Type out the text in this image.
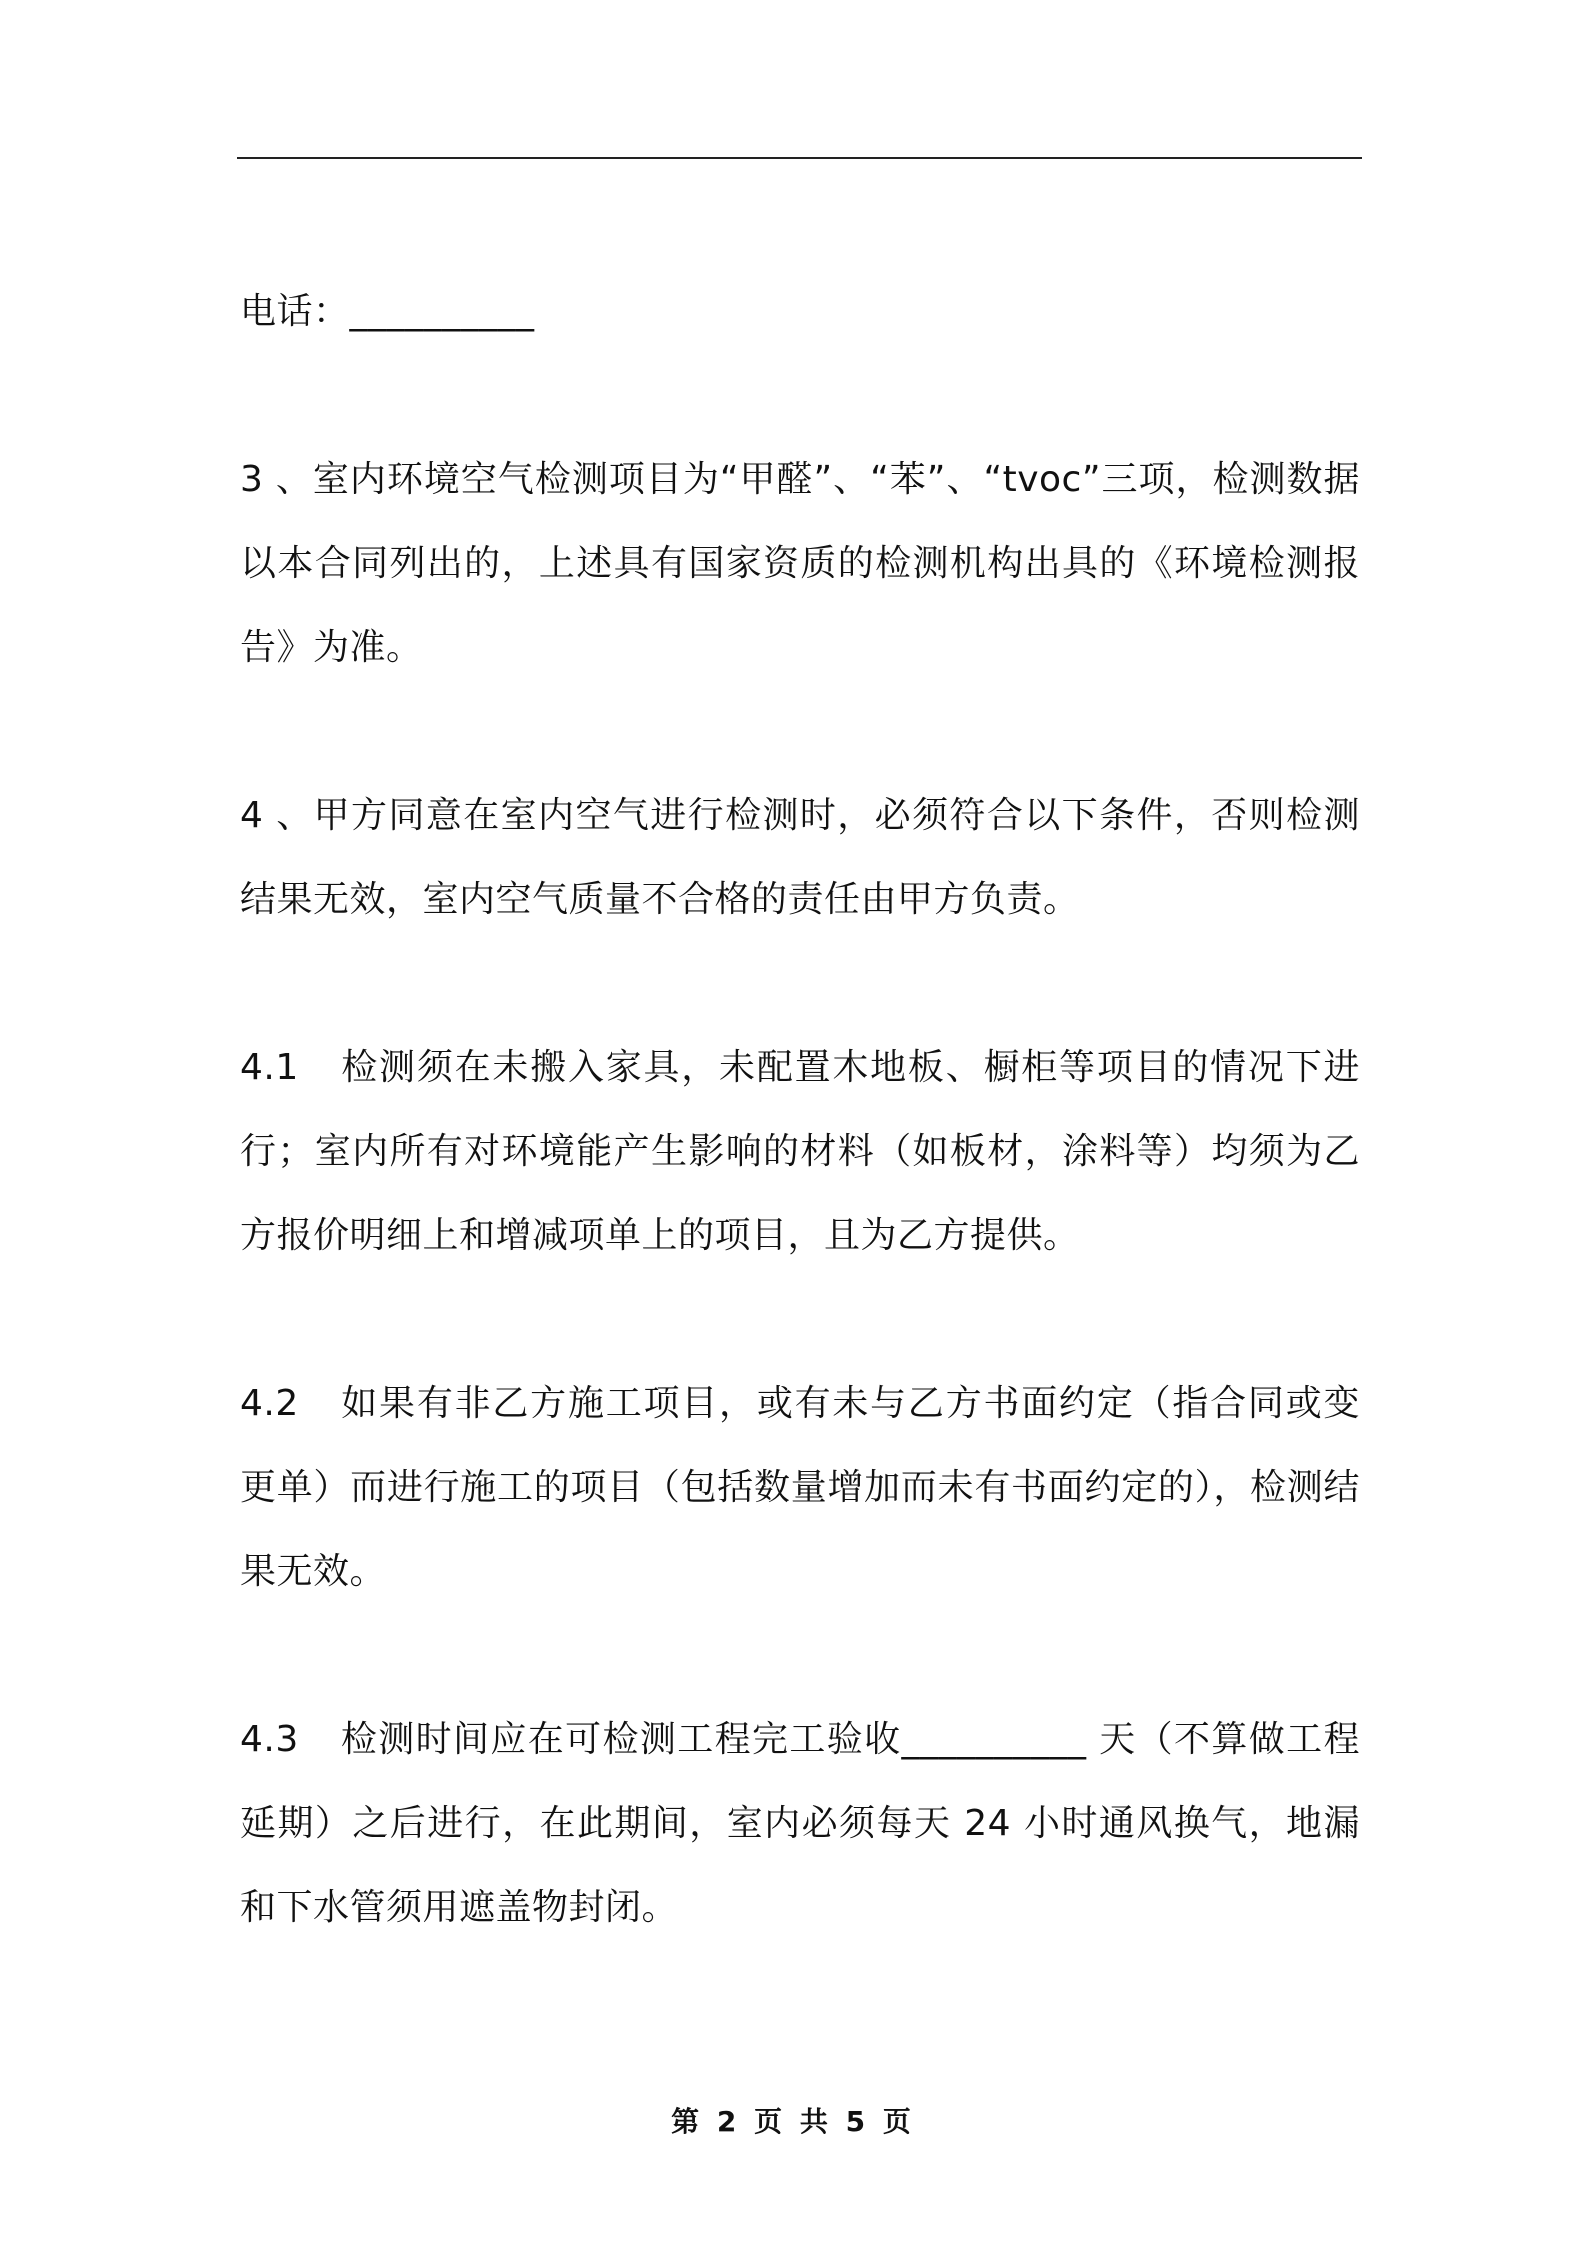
电话：__________

3 、室内环境空气检测项目为“甲醛”、“苯”、“tvoc”三项，检测数据以本合同列出的，上述具有国家资质的检测机构出具的《环境检测报告》为准。

4 、甲方同意在室内空气进行检测时，必须符合以下条件，否则检测结果无效，室内空气质量不合格的责任由甲方负责。

4.1 检测须在未搬入家具，未配置木地板、橱柜等项目的情况下进行；室内所有对环境能产生影响的材料（如板材，涂料等）均须为乙方报价明细上和增减项单上的项目，且为乙方提供。

4.2 如果有非乙方施工项目，或有未与乙方书面约定（指合同或变更单）而进行施工的项目（包括数量增加而未有书面约定的），检测结果无效。

4.3 检测时间应在可检测工程完工验收__________ 天（不算做工程延期）之后进行，在此期间，室内必须每天 24 小时通风换气，地漏和下水管须用遮盖物封闭。

第 2 页 共 5 页
